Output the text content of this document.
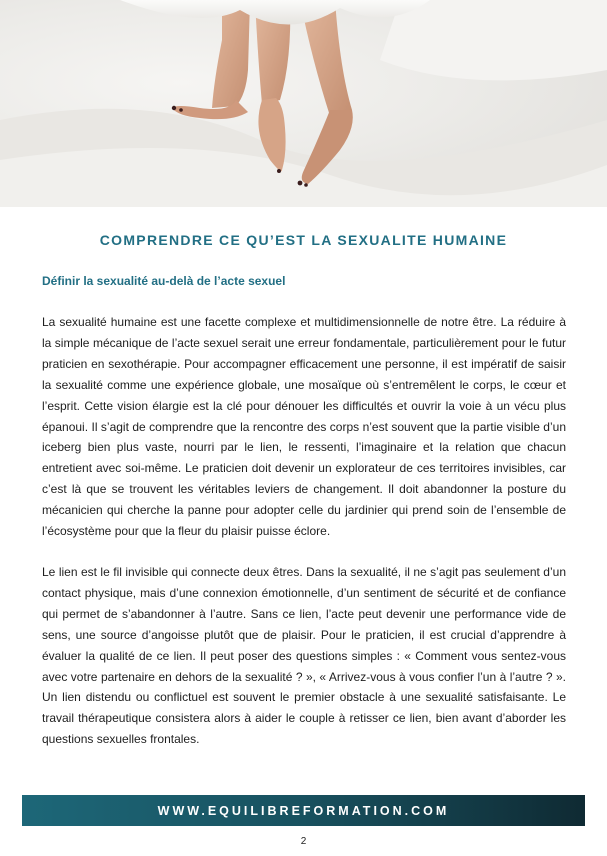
COMPRENDRE CE QU’EST LA SEXUALITE HUMAINE
Définir la sexualité au-delà de l’acte sexuel

La sexualité humaine est une facette complexe et multidimensionnelle de notre être. La réduire à la simple mécanique de l’acte sexuel serait une erreur fondamentale, particulièrement pour le futur praticien en sexothérapie. Pour accompagner efficacement une personne, il est impératif de saisir la sexualité comme une expérience globale, une mosaïque où s’entremêlent le corps, le cœur et l’esprit. Cette vision élargie est la clé pour dénouer les difficultés et ouvrir la voie à un vécu plus épanoui. Il s’agit de comprendre que la rencontre des corps n’est souvent que la partie visible d’un iceberg bien plus vaste, nourri par le lien, le ressenti, l’imaginaire et la relation que chacun entretient avec soi-même. Le praticien doit devenir un explorateur de ces territoires invisibles, car c’est là que se trouvent les véritables leviers de changement. Il doit abandonner la posture du mécanicien qui cherche la panne pour adopter celle du jardinier qui prend soin de l’ensemble de l’écosystème pour que la fleur du plaisir puisse éclore.

Le lien est le fil invisible qui connecte deux êtres. Dans la sexualité, il ne s’agit pas seulement d’un contact physique, mais d’une connexion émotionnelle, d’un sentiment de sécurité et de confiance qui permet de s’abandonner à l’autre. Sans ce lien, l’acte peut devenir une performance vide de sens, une source d’angoisse plutôt que de plaisir. Pour le praticien, il est crucial d’apprendre à évaluer la qualité de ce lien. Il peut poser des questions simples : « Comment vous sentez-vous avec votre partenaire en dehors de la sexualité ? », « Arrivez-vous à vous confier l’un à l’autre ? ». Un lien distendu ou conflictuel est souvent le premier obstacle à une sexualité satisfaisante. Le travail thérapeutique consistera alors à aider le couple à retisser ce lien, bien avant d’aborder les questions sexuelles frontales.

WWW.EQUILIBREFORMATION.COM
2
